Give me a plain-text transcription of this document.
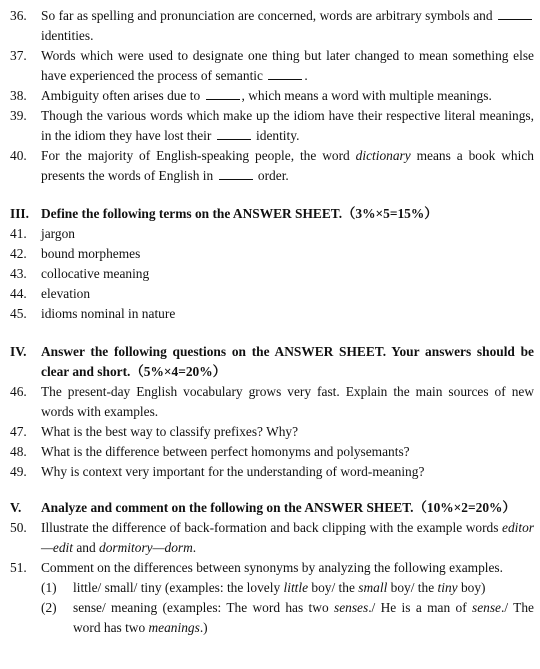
36.	So far as spelling and pronunciation are concerned, words are arbitrary symbols and  identities.
37.	Words which were used to designate one thing but later changed to mean something else have experienced the process of semantic	.
38.	Ambiguity often arises due to	, which means a word with multiple meanings.
39.	Though the various words which make up the idiom have their respective literal meanings, in the idiom they have lost their	identity.
40.	For the majority of English-speaking people, the word dictionary means a book which presents the words of English in	order.
III. Define the following terms on the ANSWER SHEET.（3%×5=15%）
41.	jargon
42.	bound morphemes
43.	collocative meaning
44.	elevation
45.	idioms nominal in nature
IV.	Answer the following questions on the ANSWER SHEET. Your answers should be clear and short.（5%×4=20%）
46.	The present-day English vocabulary grows very fast. Explain the main sources of new words with examples.
47.	What is the best way to classify prefixes? Why?
48.	What is the difference between perfect homonyms and polysemants?
49.	Why is context very important for the understanding of word-meaning?
V.	Analyze and comment on the following on the ANSWER SHEET.（10%×2=20%）
50.	Illustrate the difference of back-formation and back clipping with the example words editor—edit and dormitory—dorm.
51.	Comment on the differences between synonyms by analyzing the following examples.
(1)	little/ small/ tiny (examples: the lovely little boy/ the small boy/ the tiny boy)
(2)	sense/ meaning (examples: The word has two senses./ He is a man of sense./ The word has two meanings.)
